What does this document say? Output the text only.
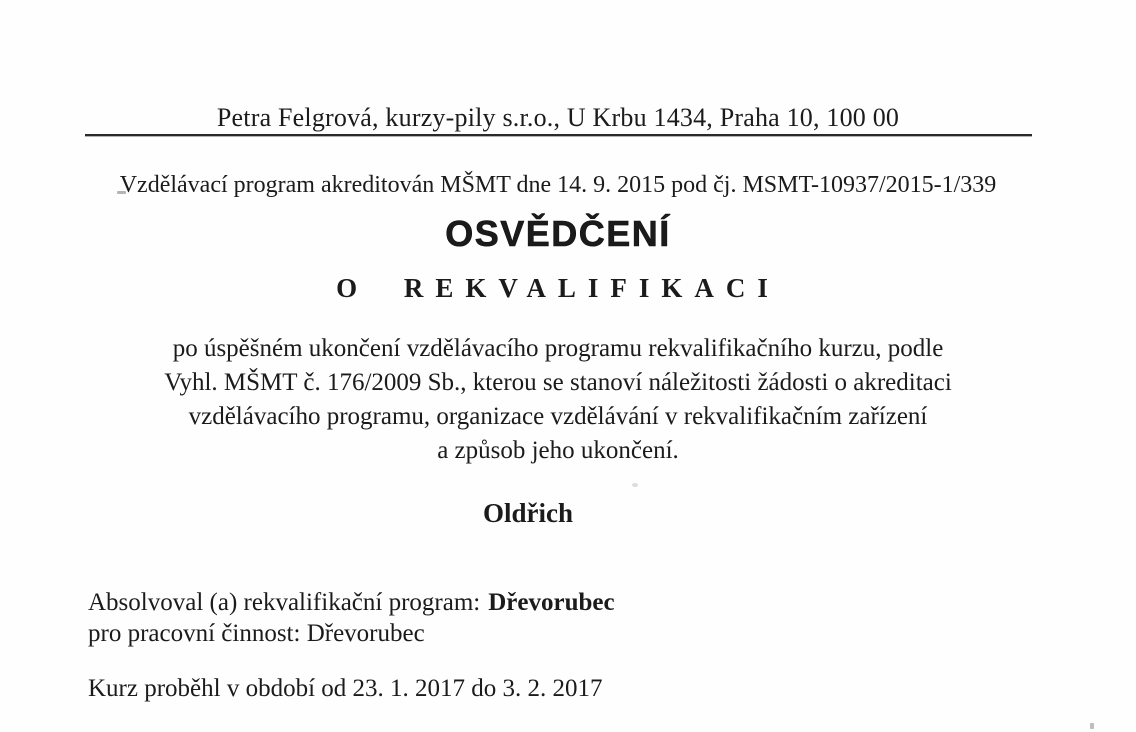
Petra Felgrová, kurzy-pily s.r.o., U Krbu 1434, Praha 10, 100 00
Vzdělávací program akreditován MŠMT dne 14. 9. 2015 pod čj. MSMT-10937/2015-1/339
OSVĚDČENÍ
O REKVALIFIKACI
po úspěšném ukončení vzdělávacího programu rekvalifikačního kurzu, podle
Vyhl. MŠMT č. 176/2009 Sb., kterou se stanoví náležitosti žádosti o akreditaci
vzdělávacího programu, organizace vzdělávání v rekvalifikačním zařízení
a způsob jeho ukončení.
Oldřich
Absolvoval (a) rekvalifikační program: Dřevorubec
pro pracovní činnost: Dřevorubec
Kurz proběhl v období od 23. 1. 2017 do 3. 2. 2017
